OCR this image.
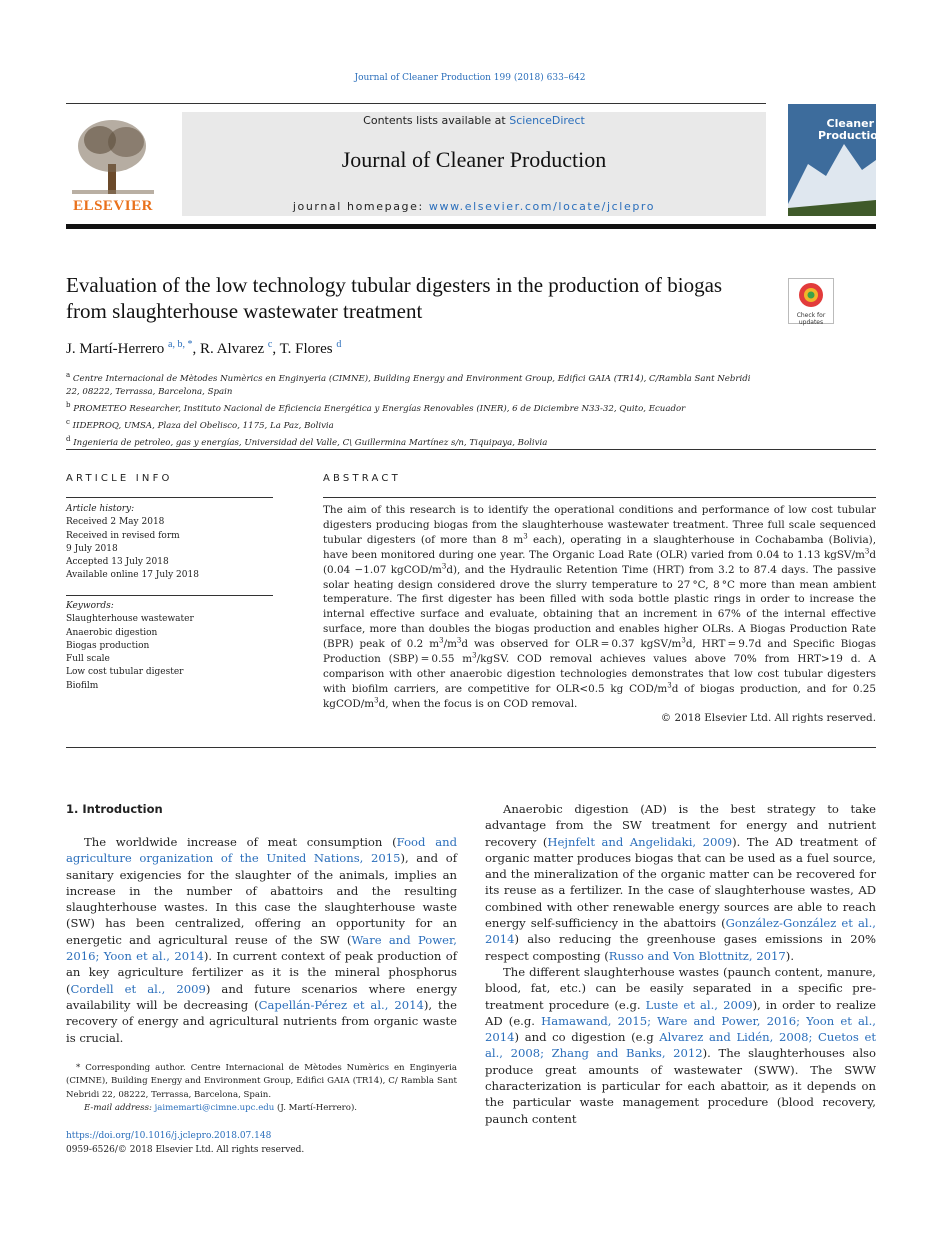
Journal of Cleaner Production 199 (2018) 633–642
ELSEVIER
Contents lists available at ScienceDirect
Journal of Cleaner Production
journal homepage: www.elsevier.com/locate/jclepro
Cleaner
Production
Evaluation of the low technology tubular digesters in the production of biogas from slaughterhouse wastewater treatment	Check for
updates
J. Martí-Herrero $^{a, b, *}$, R. Alvarez $^c$, T. Flores $^d$
$^a$ Centre Internacional de Mètodes Numèrics en Enginyeria (CIMNE), Building Energy and Environment Group, Edifici GAIA (TR14), C/Rambla Sant Nebridi 22, 08222, Terrassa, Barcelona, Spain
$^b$ PROMETEO Researcher, Instituto Nacional de Eficiencia Energética y Energías Renovables (INER), 6 de Diciembre N33-32, Quito, Ecuador
$^c$ IIDEPROQ, UMSA, Plaza del Obelisco, 1175, La Paz, Bolivia
$^d$ Ingenieria de petroleo, gas y energías, Universidad del Valle, C\ Guillermina Martínez s/n, Tiquipaya, Bolivia
ARTICLE INFO
Article history:
Received 2 May 2018
Received in revised form
9 July 2018
Accepted 13 July 2018
Available online 17 July 2018
Keywords:
Slaughterhouse wastewater
Anaerobic digestion
Biogas production
Full scale
Low cost tubular digester
Biofilm
ABSTRACT
The aim of this research is to identify the operational conditions and performance of low cost tubular digesters producing biogas from the slaughterhouse wastewater treatment. Three full scale sequenced tubular digesters (of more than 8 $m^3$ each), operating in a slaughterhouse in Cochabamba (Bolivia), have been monitored during one year. The Organic Load Rate (OLR) varied from 0.04 to 1.13 kgSV/$m^3d$ (0.04 −1.07 kgCOD/$m^3d$), and the Hydraulic Retention Time (HRT) from 3.2 to 87.4 days. The passive solar heating design considered drove the slurry temperature to 27 °C, 8 °C more than mean ambient temperature. The first digester has been filled with soda bottle plastic rings in order to increase the internal effective surface and evaluate, obtaining that an increment in 67% of the internal effective surface, more than doubles the biogas production and enables higher OLRs. A Biogas Production Rate (BPR) peak of 0.2 $m^3/m^3d$ was observed for OLR = 0.37 kgSV/$m^3d$, HRT = 9.7d and Specific Biogas Production (SBP) = 0.55 $m^3$/kgSV. COD removal achieves values above 70% from HRT>19 d. A comparison with other anaerobic digestion technologies demonstrates that low cost tubular digesters with biofilm carriers, are competitive for OLR<0.5 kg COD/$m^3d$ of biogas production, and for 0.25 kgCOD/$m^3d$, when the focus is on COD removal.
© 2018 Elsevier Ltd. All rights reserved.
1. Introduction

The worldwide increase of meat consumption (Food and agriculture organization of the United Nations, 2015), and of sanitary exigencies for the slaughter of the animals, implies an increase in the number of abattoirs and the resulting slaughterhouse wastes. In this case the slaughterhouse waste (SW) has been centralized, offering an opportunity for an energetic and agricultural reuse of the SW (Ware and Power, 2016; Yoon et al., 2014). In current context of peak production of an key agriculture fertilizer as it is the mineral phosphorus (Cordell et al., 2009) and future scenarios where energy availability will be decreasing (Capellán-Pérez et al., 2014), the recovery of energy and agricultural nutrients from organic waste is crucial.

Anaerobic digestion (AD) is the best strategy to take advantage from the SW treatment for energy and nutrient recovery (Hejnfelt and Angelidaki, 2009). The AD treatment of organic matter produces biogas that can be used as a fuel source, and the mineralization of the organic matter can be recovered for its reuse as a fertilizer. In the case of slaughterhouse wastes, AD combined with other renewable energy sources are able to reach energy self-sufficiency in the abattoirs (González-González et al., 2014) also reducing the greenhouse gases emissions in 20% respect composting (Russo and Von Blottnitz, 2017).

The different slaughterhouse wastes (paunch content, manure, blood, fat, etc.) can be easily separated in a specific pre-treatment procedure (e.g. Luste et al., 2009), in order to realize AD (e.g. Hamawand, 2015; Ware and Power, 2016; Yoon et al., 2014) and co digestion (e.g Alvarez and Lidén, 2008; Cuetos et al., 2008; Zhang and Banks, 2012). The slaughterhouses also produce great amounts of wastewater (SWW). The SWW characterization is particular for each abattoir, as it depends on the particular waste management procedure (blood recovery, paunch content

* Corresponding author. Centre Internacional de Mètodes Numèrics en Enginyeria (CIMNE), Building Energy and Environment Group, Edifici GAIA (TR14), C/ Rambla Sant Nebridi 22, 08222, Terrassa, Barcelona, Spain.
E-mail address: jaimemarti@cimne.upc.edu (J. Martí-Herrero).
https://doi.org/10.1016/j.jclepro.2018.07.148
0959-6526/© 2018 Elsevier Ltd. All rights reserved.
